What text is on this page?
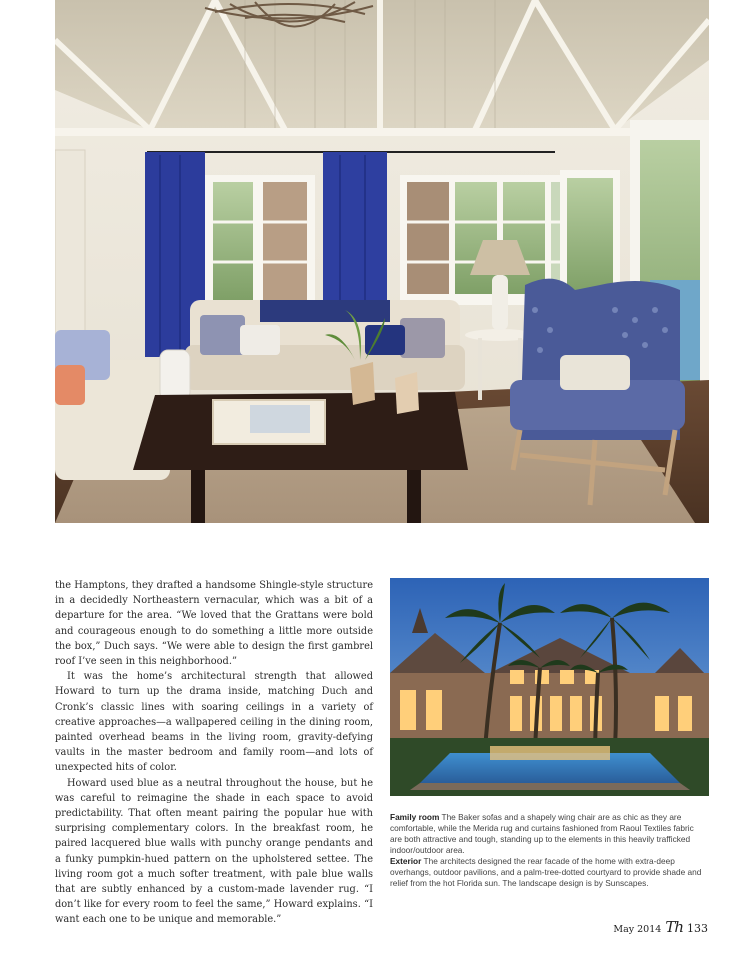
the Hamptons, they drafted a handsome Shingle-style structure in a decidedly Northeastern vernacular, which was a bit of a departure for the area. “We loved that the Grattans were bold and courageous enough to do something a little more outside the box,” Duch says. “We were able to design the first gambrel roof I’ve seen in this neighborhood.”

It was the home’s architectural strength that allowed Howard to turn up the drama inside, matching Duch and Cronk’s classic lines with soaring ceilings in a variety of creative approaches—a wallpapered ceiling in the dining room, painted overhead beams in the living room, gravity-defying vaults in the master bedroom and family room—and lots of unexpected hits of color.

Howard used blue as a neutral throughout the house, but he was careful to reimagine the shade in each space to avoid predictability. That often meant pairing the popular hue with surprising complementary colors. In the breakfast room, he paired lacquered blue walls with punchy orange pendants and a funky pumpkin-hued pattern on the upholstered settee. The living room got a much softer treatment, with pale blue walls that are subtly enhanced by a custom-made lavender rug. “I don’t like for every room to feel the same,” Howard explains. “I want each one to be unique and memorable.”

Family room The Baker sofas and a shapely wing chair are as chic as they are comfortable, while the Merida rug and curtains fashioned from Raoul Textiles fabric are both attractive and tough, standing up to the elements in this heavily trafficked indoor/outdoor area.

Exterior The architects designed the rear facade of the home with extra-deep overhangs, outdoor pavilions, and a palm-tree-dotted courtyard to provide shade and relief from the hot Florida sun. The landscape design is by Sunscapes.

May 2014 Th 133
